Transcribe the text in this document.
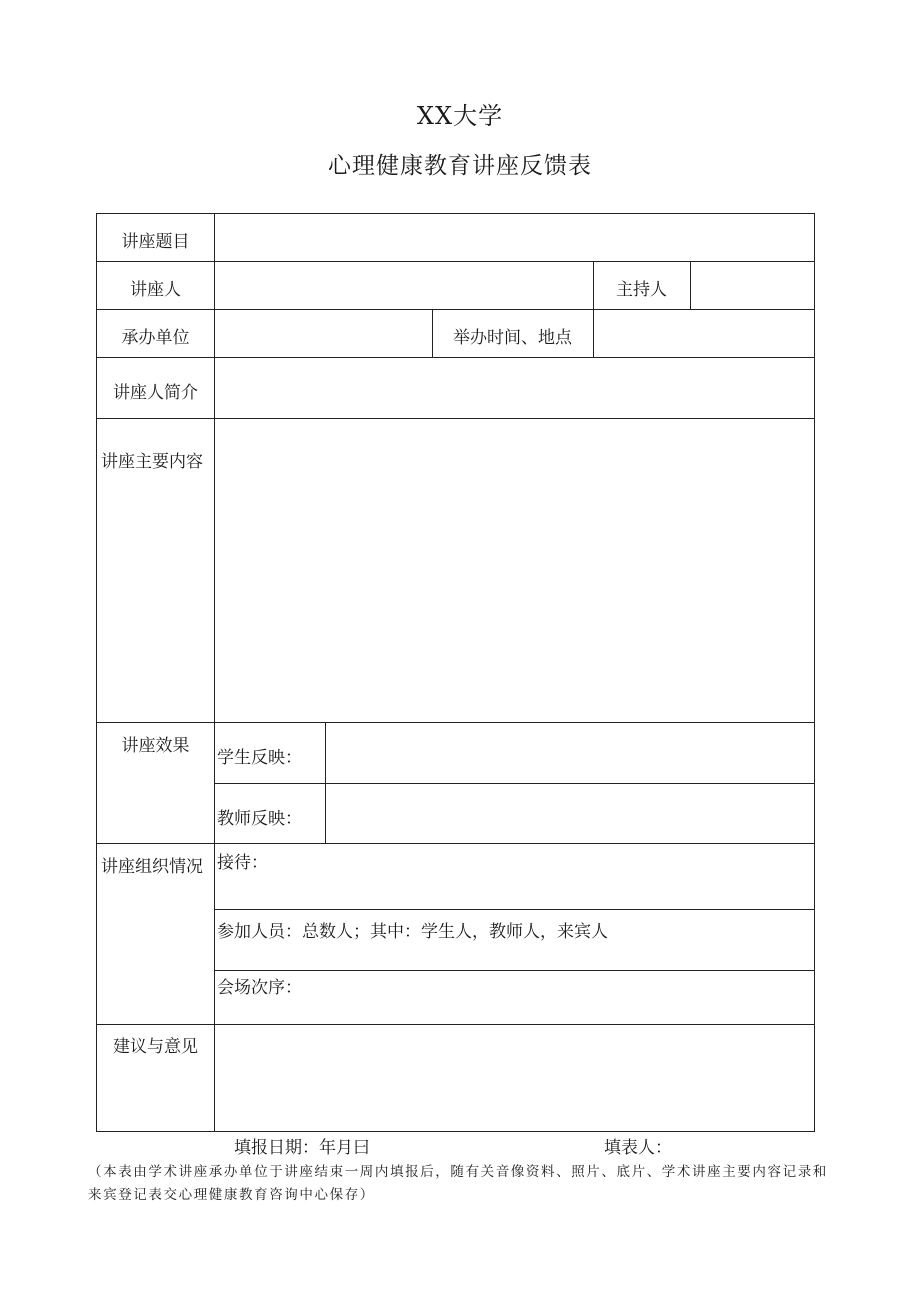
XX大学
心理健康教育讲座反馈表
讲座题目
讲座人	主持人
承办单位	举办时间、地点
讲座人简介
讲座主要内容
讲座效果
学生反映：
教师反映：
讲座组织情况 接待：
参加人员：总数人；其中：学生人，教师人，来宾人
会场次序：
建议与意见
填报日期：年月曰	填表人：
（本表由学术讲座承办单位于讲座结束一周内填报后，随有关音像资料、照片、底片、学术讲座主要内容记录和来宾登记表交心理健康教育咨询中心保存）
